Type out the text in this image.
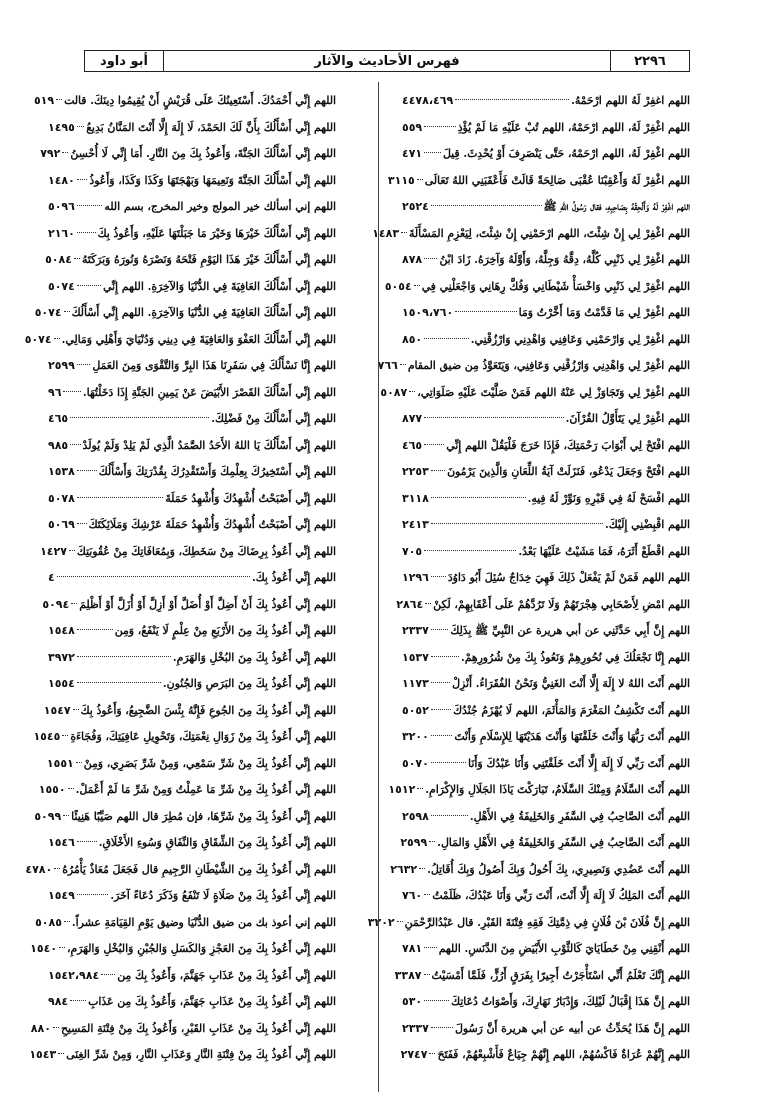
٢٢٩٦
فهرس الأحاديث والآثار
أبو داود
اللهم اغفِرْ لَهُ اللهم ارْحَمْهُ.
٤٤٧٨،٤٦٩
اللهم اغْفِرْ لَهُ، اللهم ارْحَمْهُ، اللهم تُبْ عَلَيْهِ مَا لَمْ يُؤْذِ
٥٥٩
اللهم اغْفِرْ لَهُ، اللهم ارْحَمْهُ، حَتَّى يَنْصَرِفَ أَوْ يُحْدِثَ. قِيلَ
٤٧١
اللهم اغْفِرْ لَهُ وَأَعْقِبْنَا عُقْبَى صَالِحَةً قَالَتْ فَأَعْقَبَنِي اللهُ تَعَالَى
٣١١٥
اللهم اغْفِرْ لَهُ وَأَلْحِقْهُ بِصَاحِبِهِ، فقال رَسُولُ اللهِ ﷺ
٢٥٢٤
اللهم اغْفِرْ لِي إِنْ شِئْتَ، اللهم ارْحَمْنِي إِنْ شِئْتَ، لِيَعْزِمِ المَسْأَلَةَ
١٤٨٣
اللهم اغْفِرْ لِي ذَنْبِي كُلَّهُ، دِقَّهُ وَجِلَّهُ، وَأَوَّلَهُ وَآخِرَهُ. زَادَ ابْنُ
٨٧٨
اللهم اغْفِرْ لِي ذَنْبِي وَاخْسَأْ شَيْطَانِي وَفُكَّ رِهَانِي وَاجْعَلْنِي فِي
٥٠٥٤
اللهم اغْفِرْ لِي مَا قَدَّمْتُ وَمَا أَخَّرْتُ وَمَا
١٥٠٩،٧٦٠
اللهم اغْفِرْ لِي وَارْحَمْنِي وَعَافِنِي وَاهْدِنِي وَارْزُقْنِي.
٨٥٠
اللهم اغْفِرْ لِي وَاهْدِنِي وَارْزُقْنِي وَعَافِنِي، وَيَتَعَوَّذُ مِن ضيق المقام
٧٦٦
اللهم اغْفِرْ لِي وَتَجَاوَزْ لِي عَنْهُ اللهم فَمَنْ صَلَّيْتَ عَلَيْهِ صَلَوَاتِي،
٥٠٨٧
اللهم اغْفِرْ لِي يَتَأَوَّلُ القُرْآنَ.
٨٧٧
اللهم افْتَحْ لِي أَبْوَابَ رَحْمَتِكَ، فَإِذَا خَرَجَ فَلْيَقُلْ اللهم إِنِّي
٤٦٥
اللهم افْتَحْ وَجَعَلَ يَدْعُو، فَنَزَلَتْ آيَةُ اللِّعَانِ وَالَّذِينَ يَرْمُونَ
٢٢٥٣
اللهم افْسَحْ لَهُ فِي قَبْرِهِ وَنَوِّرْ لَهُ فِيهِ.
٣١١٨
اللهم اقْبِضْنِي إِلَيْكَ.
٢٤١٣
اللهم اقْطَعْ أَثَرَهُ، فَمَا مَشَيْتُ عَلَيْهَا بَعْدُ.
٧٠٥
اللهم اللهم فَمَنْ لَمْ يَفْعَلْ ذَلِكَ فَهِيَ خِدَاجٌ سُئِلَ أَبُو دَاوُدَ
١٢٩٦
اللهم امْضِ لِأَصْحَابِي هِجْرَتَهُمْ وَلَا تَرُدَّهُمْ عَلَى أَعْقَابِهِمْ، لَكِنْ
٢٨٦٤
اللهم إِنَّ أَبِي حَدَّثَنِي عن أبي هريرة عن النَّبِيِّ ﷺ بِذَلِكَ
٢٣٣٧
اللهم إِنَّا نَجْعَلُكَ فِي نُحُورِهِمْ وَنَعُوذُ بِكَ مِنْ شُرُورِهِمْ.
١٥٣٧
اللهم أَنْتَ اللهُ لا إِلَهَ إِلَّا أَنْتَ الغَنِيُّ وَنَحْنُ الفُقَرَاءُ. أَنْزِلْ
١١٧٣
اللهم أَنْتَ تَكْشِفُ المَغْرَمَ وَالمَأْثَمَ، اللهم لَا يُهْزَمُ جُنْدُكَ
٥٠٥٢
اللهم أَنْتَ رَبُّهَا وَأَنْتَ خَلَقْتَهَا وَأَنْتَ هَدَيْتَهَا لِلإِسْلَامِ وَأَنْتَ
٣٢٠٠
اللهم أَنْتَ رَبِّي لَا إِلَهَ إِلَّا أَنْتَ خَلَقْتَنِي وَأَنَا عَبْدُكَ وَأَنَا
٥٠٧٠
اللهم أَنْتَ السَّلَامُ وَمِنْكَ السَّلَامُ، تَبَارَكْتَ يَاذَا الجَلَالِ وَالإِكْرَامِ.
١٥١٢
اللهم أَنْتَ الصَّاحِبُ فِي السَّفَرِ وَالخَلِيفَةُ فِي الأَهْلِ.
٢٥٩٨
اللهم أَنْتَ الصَّاحِبُ فِي السَّفَرِ وَالخَلِيفَةُ فِي الأَهْلِ وَالمَالِ.
٢٥٩٩
اللهم أَنْتَ عَضُدِي وَنَصِيرِي، بِكَ أَحُولُ وَبِكَ أَصُولُ وَبِكَ أُقَاتِلُ.
٢٦٣٢
اللهم أَنْتَ المَلِكُ لَا إِلَهَ إِلَّا أَنْتَ، أَنْتَ رَبِّي وَأَنَا عَبْدُكَ، ظَلَمْتُ
٧٦٠
اللهم إِنَّ فُلَانَ بْنَ فُلَانٍ فِي ذِمَّتِكَ فَقِهِ فِتْنَةَ القَبْرِ. قال عَبْدُالرَّحْمَنِ
٣٢٠٢
اللهم أَنْقِنِي مِنْ خَطَايَايَ كَالثَّوْبِ الأَبْيَضِ مِنَ الدَّنَسِ. اللهم
٧٨١
اللهم إِنَّكَ تَعْلَمُ أَنِّي اسْتَأْجَرْتُ أَجِيرًا بِفَرَقٍ أَرُزٍّ، فَلَمَّا أَمْسَيْتُ
٣٣٨٧
اللهم إِنَّ هَذَا إِقْبَالُ لَيْلِكَ، وَإِدْبَارُ نَهَارِكَ، وَأَصْوَاتُ دُعَاتِكَ
٥٣٠
اللهم إِنَّ هَذَا يُحَدِّثُ عن أبيه عن أبي هريرة أَنَّ رَسُولَ
٢٣٣٧
اللهم إِنَّهُمْ عُرَاةٌ فَاكْسُهُمْ، اللهم إِنَّهُمْ جِيَاعٌ فَأَشْبِعْهُمْ، فَفَتَحَ
٢٧٤٧
اللهم إِنِّي أَحْمَدُكَ. أَسْتَعِينُكَ عَلَى قُرَيْشٍ أَنْ يُقِيمُوا دِينَكَ. قالت
٥١٩
اللهم إِنِّي أَسْأَلُكَ بِأَنَّ لَكَ الحَمْدَ، لَا إِلَهَ إِلَّا أَنْتَ المَنَّانُ بَدِيعُ
١٤٩٥
اللهم إِنِّي أَسْأَلُكَ الجَنَّةَ، وَأَعُوذُ بِكَ مِنَ النَّارِ. أَمَا إِنِّي لَا أُحْسِنُ
٧٩٢
اللهم إِنِّي أَسْأَلُكَ الجَنَّةَ وَنَعِيمَهَا وَبَهْجَتَهَا وَكَذَا وَكَذَا، وَأَعُوذُ
١٤٨٠
اللهم إني أسألك خير المولج وخير المخرج، بسم الله
٥٠٩٦
اللهم إِنِّي أَسْأَلُكَ خَيْرَهَا وَخَيْرَ مَا جَبَلْتَهَا عَلَيْهِ، وَأَعُوذُ بِكَ
٢١٦٠
اللهم إِنِّي أَسْأَلُكَ خَيْرَ هَذَا اليَوْمِ فَتْحَهُ وَنَصْرَهُ وَنُورَهُ وَبَرَكَتَهُ
٥٠٨٤
اللهم إِنِّي أَسْأَلُكَ العَافِيَةَ فِي الدُّنْيَا وَالآخِرَةِ. اللهم إِنِّي
٥٠٧٤
اللهم إِنِّي أَسْأَلُكَ العَافِيَةَ فِي الدُّنْيَا وَالآخِرَةِ. اللهم إِنِّي أَسْأَلُكَ
٥٠٧٤
اللهم إِنِّي أَسْأَلُكَ العَفْوَ وَالعَافِيَةَ فِي دِينِي وَدُنْيَايَ وَأَهْلِي وَمَالِي.
٥٠٧٤
اللهم إِنَّا نَسْأَلُكَ فِي سَفَرِنَا هَذَا البِرَّ وَالتَّقْوَى وَمِنَ العَمَلِ
٢٥٩٩
اللهم إِنِّي أَسْأَلُكَ القَصْرَ الأَبْيَضَ عَنْ يَمِينِ الجَنَّةِ إِذَا دَخَلْتُهَا.
٩٦
اللهم إِنِّي أَسْأَلُكَ مِنْ فَضْلِكَ.
٤٦٥
اللهم إِنِّي أَسْأَلُكَ يَا اللهُ الأَحَدُ الصَّمَدُ الَّذِي لَمْ يَلِدْ وَلَمْ يُولَدْ
٩٨٥
اللهم إِنِّي أَسْتَخِيرُكَ بِعِلْمِكَ وَأَسْتَقْدِرُكَ بِقُدْرَتِكَ وَأَسْأَلُكَ
١٥٣٨
اللهم إِنِّي أَصْبَحْتُ أُشْهِدُكَ وَأُشْهِدُ حَمَلَةَ
٥٠٧٨
اللهم إِنِّي أَصْبَحْتُ أُشْهِدُكَ وَأُشْهِدُ حَمَلَةَ عَرْشِكَ وَمَلَائِكَتَكَ
٥٠٦٩
اللهم إِنِّي أَعُوذُ بِرِضَاكَ مِنْ سَخَطِكَ، وَبِمُعَافَاتِكَ مِنْ عُقُوبَتِكَ
١٤٢٧
اللهم إِنِّي أَعُوذُ بِكَ.
٤
اللهم إِنِّي أَعُوذُ بِكَ أَنْ أَضِلَّ أَوْ أُضَلَّ أَوْ أَزِلَّ أَوْ أُزَلَّ أَوْ أَظْلِمَ
٥٠٩٤
اللهم إِنِّي أَعُوذُ بِكَ مِنَ الأَرْبَعِ مِنْ عِلْمٍ لَا يَنْفَعُ، وَمِن
١٥٤٨
اللهم إِنِّي أَعُوذُ بِكَ مِنَ البُخْلِ وَالهَرَمِ.
٣٩٧٢
اللهم إِنِّي أَعُوذُ بِكَ مِنَ البَرَصِ وَالجُنُونِ.
١٥٥٤
اللهم إِنِّي أَعُوذُ بِكَ مِنَ الجُوعِ فَإِنَّهُ بِئْسَ الضَّجِيعُ، وَأَعُوذُ بِكَ
١٥٤٧
اللهم إِنِّي أَعُوذُ بِكَ مِنْ زَوَالِ نِعْمَتِكَ، وَتَحْوِيلِ عَافِيَتِكَ، وَفُجَاءَةِ
١٥٤٥
اللهم إِنِّي أَعُوذُ بِكَ مِنْ شَرِّ سَمْعِي، وَمِنْ شَرِّ بَصَرِي، وَمِنْ
١٥٥١
اللهم إِنِّي أَعُوذُ بِكَ مِنْ شَرِّ مَا عَمِلْتُ وَمِنْ شَرِّ مَا لَمْ أَعْمَلْ.
١٥٥٠
اللهم إِنِّي أَعُوذُ بِكَ مِنْ شَرِّهَا، فإن مُطِرَ قال اللهم صَيِّبًا هَنِيئًا
٥٠٩٩
اللهم إِنِّي أَعُوذُ بِكَ مِنَ الشِّقَاقِ وَالنِّفَاقِ وَسُوءِ الأَخْلَاقِ.
١٥٤٦
اللهم إِنِّي أَعُوذُ بِكَ مِنَ الشَّيْطَانِ الرَّجِيمِ قال فَجَعَلَ مُعَاذٌ يَأْمُرُهُ
٤٧٨٠
اللهم إِنِّي أَعُوذُ بِكَ مِنْ صَلَاةٍ لَا تَنْفَعُ وَذَكَرَ دُعَاءً آخَرَ.
١٥٤٩
اللهم إني أعوذ بك من ضيق الدُّنْيَا وضيق يَوْمِ القِيَامَةِ عشراً.
٥٠٨٥
اللهم إِنِّي أَعُوذُ بِكَ مِنَ العَجْزِ وَالكَسَلِ وَالجُبْنِ وَالبُخْلِ وَالهَرَمِ،
١٥٤٠
اللهم إِنِّي أَعُوذُ بِكَ مِنْ عَذَابِ جَهَنَّمَ، وَأَعُوذُ بِكَ مِن
١٥٤٢،٩٨٤
اللهم إِنِّي أَعُوذُ بِكَ مِنْ عَذَابِ جَهَنَّمَ، وَأَعُوذُ بِكَ مِن عَذَابِ
٩٨٤
اللهم إِنِّي أَعُوذُ بِكَ مِنْ عَذَابِ القَبْرِ، وَأَعُوذُ بِكَ مِنْ فِتْنَةِ المَسِيحِ
٨٨٠
اللهم إِنِّي أَعُوذُ بِكَ مِنْ فِتْنَةِ النَّارِ وَعَذَابِ النَّارِ، وَمِنْ شَرِّ الغِنَى
١٥٤٣
